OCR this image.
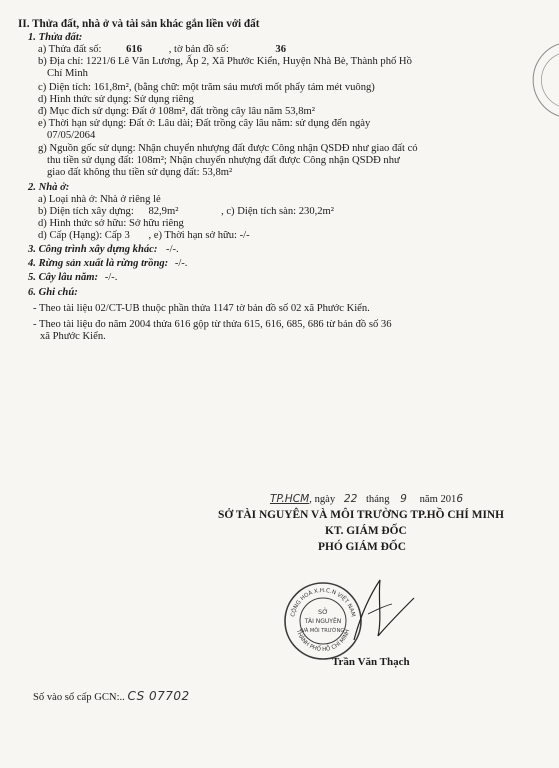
II. Thửa đất, nhà ở và tài sản khác gắn liền với đất
1. Thửa đất:
a) Thửa đất số: 616	, tờ bản đồ số:	36
b) Địa chỉ: 1221/6 Lê Văn Lương, Ấp 2, Xã Phước Kiển, Huyện Nhà Bè, Thành phố Hồ
Chí Minh
c) Diện tích: 161,8m², (bằng chữ: một trăm sáu mươi mốt phẩy tám mét vuông)
d) Hình thức sử dụng: Sử dụng riêng
đ) Mục đích sử dụng: Đất ở 108m², đất trồng cây lâu năm 53,8m²
e) Thời hạn sử dụng: Đất ở: Lâu dài; Đất trồng cây lâu năm: sử dụng đến ngày
07/05/2064
g) Nguồn gốc sử dụng: Nhận chuyển nhượng đất được Công nhận QSDĐ như giao đất có
thu tiền sử dụng đất: 108m²; Nhận chuyển nhượng đất được Công nhận QSDĐ như
giao đất không thu tiền sử dụng đất: 53,8m²
2. Nhà ở:
a) Loại nhà ở: Nhà ở riêng lẻ
b) Diện tích xây dựng: 82,9m²	, c) Diện tích sàn: 230,2m²
d) Hình thức sở hữu: Sở hữu riêng
d) Cấp (Hạng): Cấp 3 , e) Thời hạn sở hữu: -/-
3. Công trình xây dựng khác: -/-.
4. Rừng sản xuất là rừng trồng: -/-.
5. Cây lâu năm: -/-.
6. Ghi chú:
- Theo tài liệu 02/CT-UB thuộc phần thửa 1147 tờ bản đồ số 02 xã Phước Kiển.
- Theo tài liệu đo năm 2004 thửa 616 gộp từ thửa 615, 616, 685, 686 từ bản đồ số 36
xã Phước Kiển.
TP.HCM, ngày 22 tháng 9 năm 2016
SỞ TÀI NGUYÊN VÀ MÔI TRƯỜNG TP.HỒ CHÍ MINH
KT. GIÁM ĐỐC
PHÓ GIÁM ĐỐC
CỘNG HOÀ X.H.C.N VIỆT NAM
THÀNH PHỐ HỒ CHÍ MINH
SỞ
TÀI NGUYÊN
VÀ MÔI TRƯỜNG
Trần Văn Thạch
Số vào sổ cấp GCN:.. CS 07702
